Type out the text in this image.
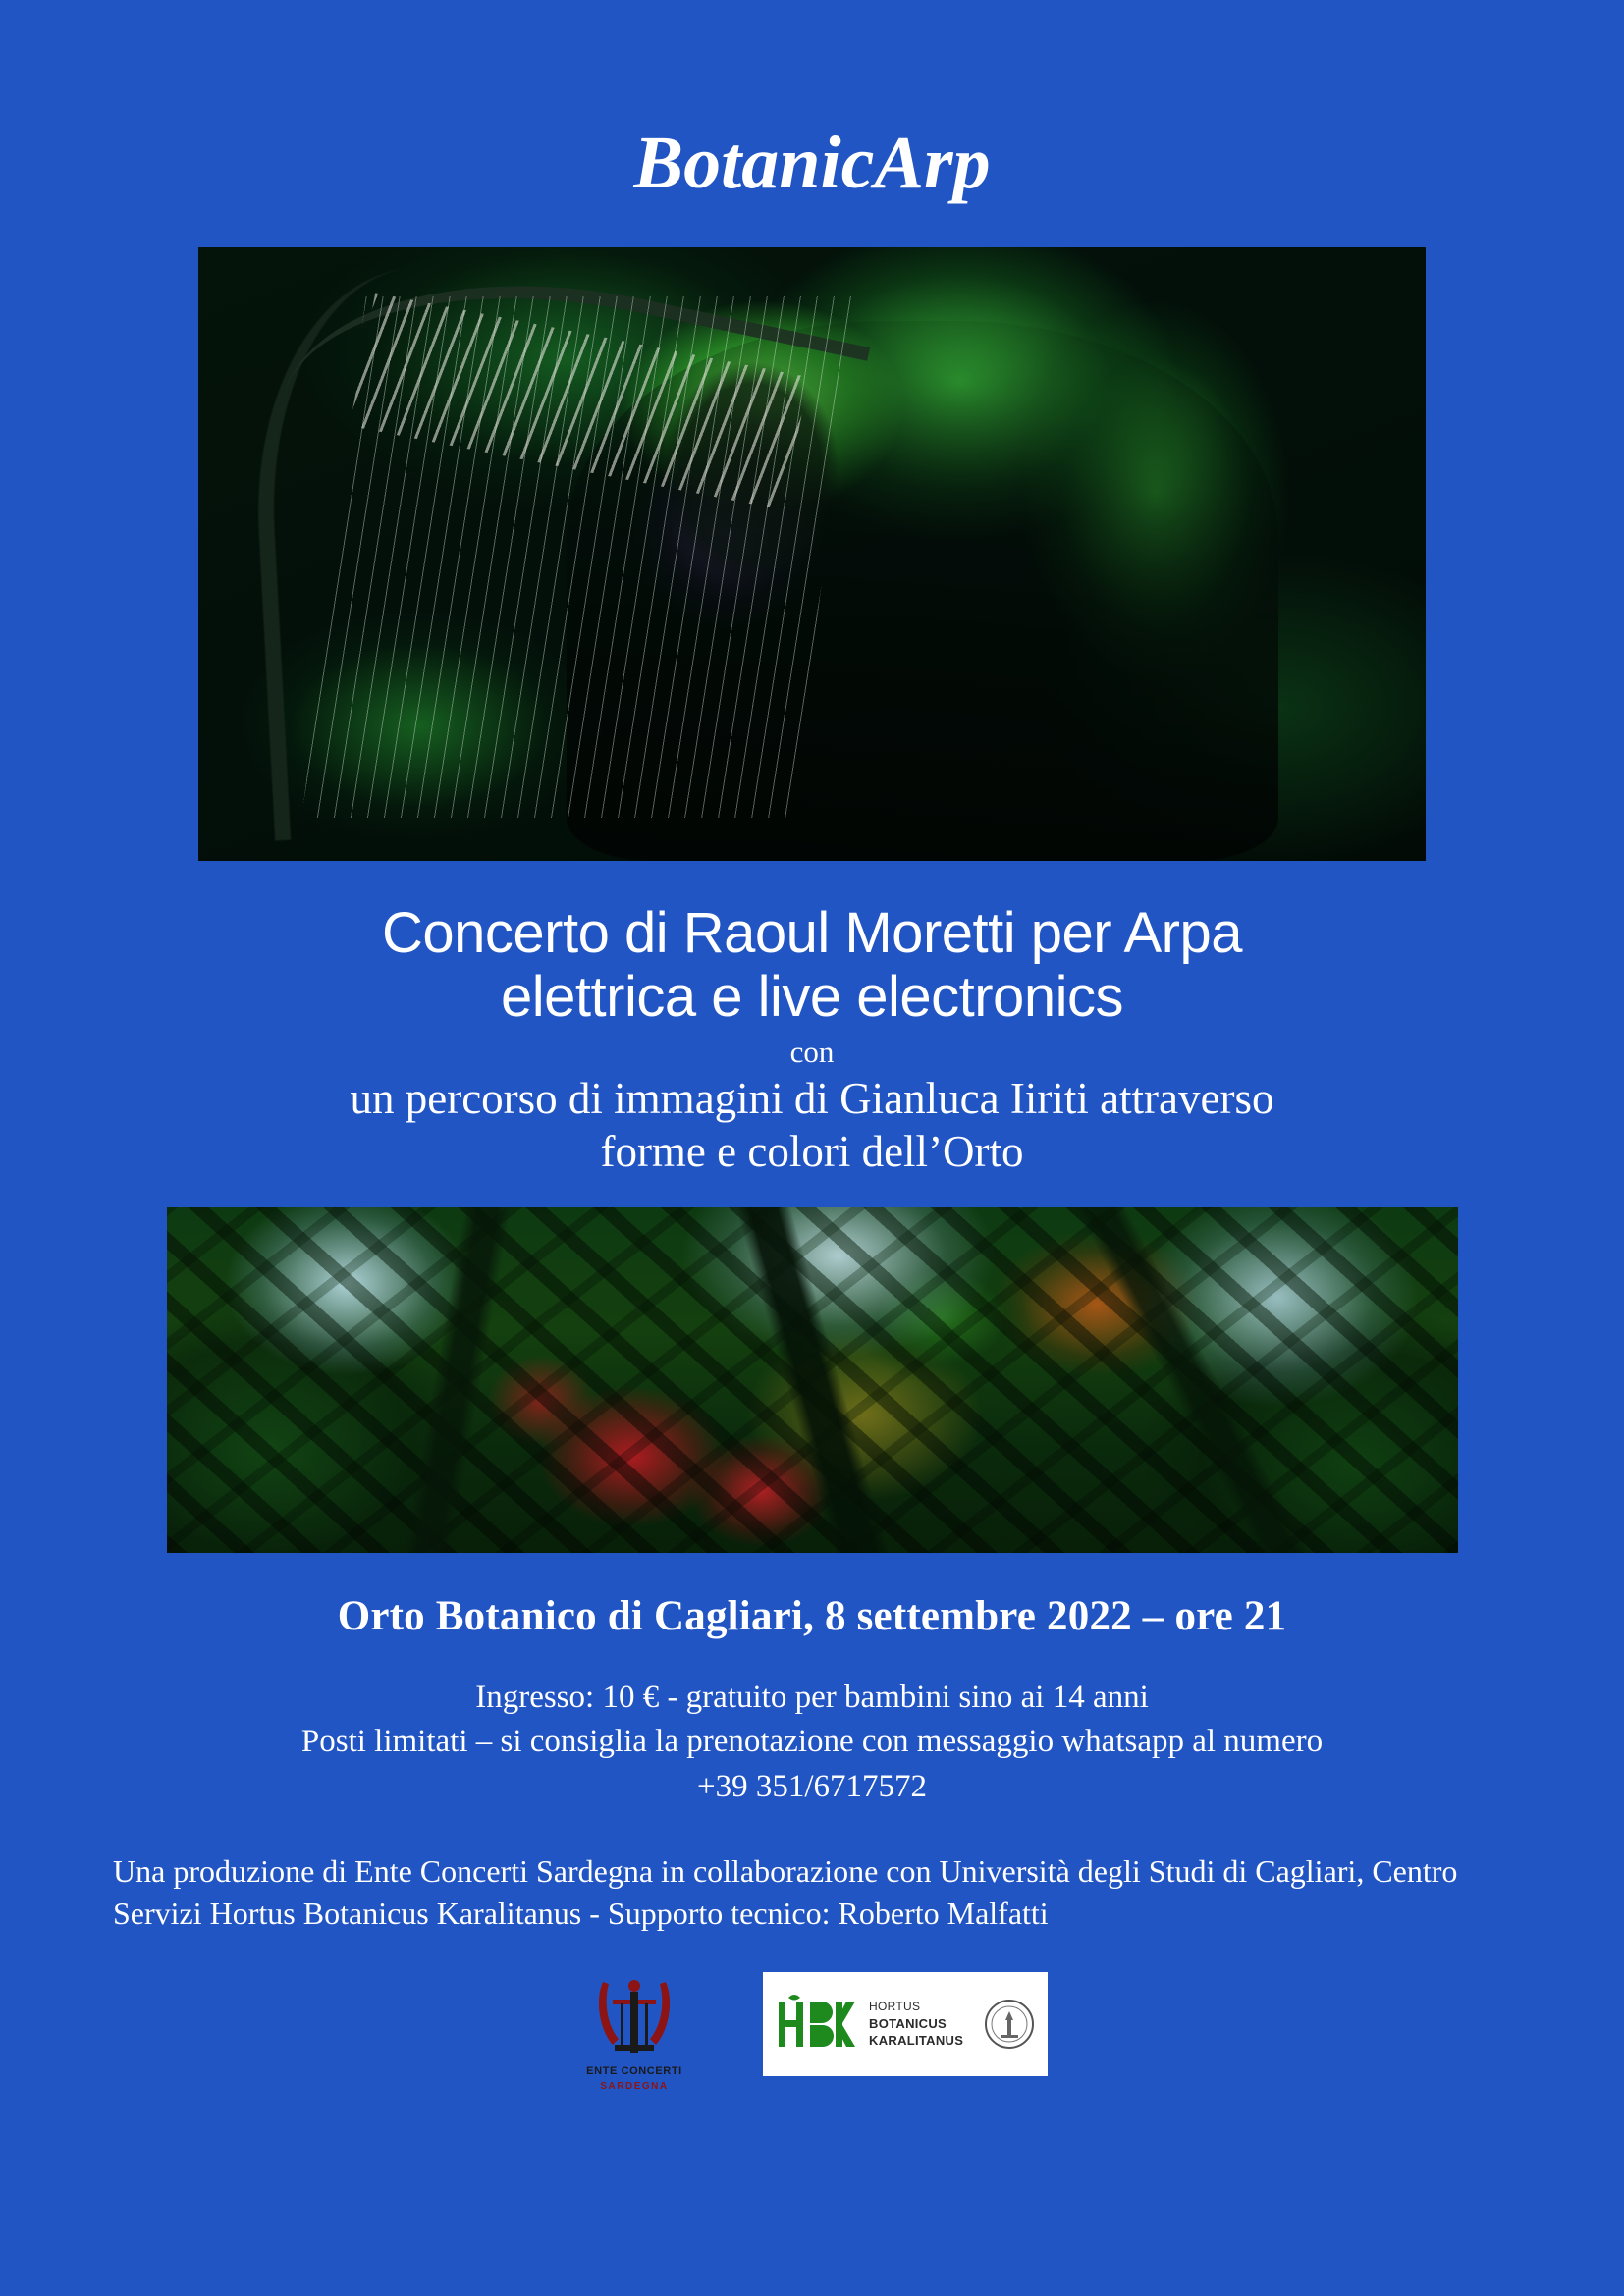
BotanicArp
Concerto di Raoul Moretti per Arpa
elettrica e live electronics
con
un percorso di immagini di Gianluca Iiriti attraverso
forme e colori dell’Orto
Orto Botanico di Cagliari, 8 settembre 2022 – ore 21
Ingresso: 10 € - gratuito per bambini sino ai 14 anni
Posti limitati – si consiglia la prenotazione con messaggio whatsapp al numero
+39 351/6717572
Una produzione di Ente Concerti Sardegna in collaborazione con Università degli Studi di Cagliari, Centro Servizi Hortus Botanicus Karalitanus - Supporto tecnico: Roberto Malfatti
ENTE CONCERTI
SARDEGNA
HORTUS
BOTANICUS
KARALITANUS
